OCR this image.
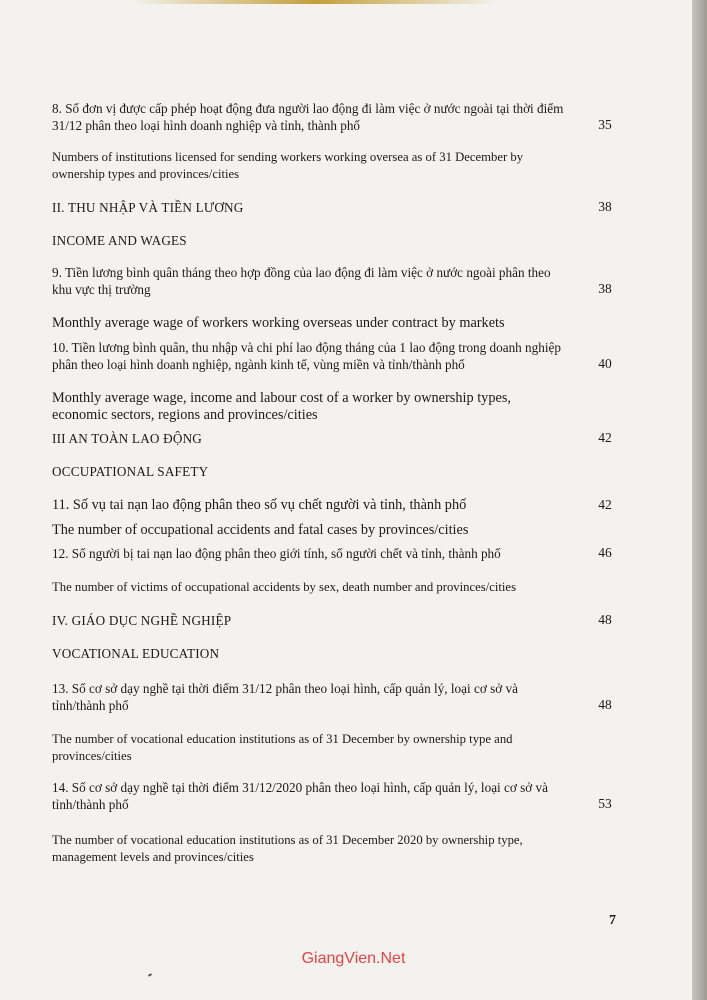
8. Số đơn vị được cấp phép hoạt động đưa người lao động đi làm việc ở nước ngoài tại thời điểm 31/12 phân theo loại hình doanh nghiệp và tỉnh, thành phố	35
Numbers of institutions licensed for sending workers working oversea as of 31 December by ownership types and provinces/cities
II. THU NHẬP VÀ TIỀN LƯƠNG	38
INCOME AND WAGES
9. Tiền lương bình quân tháng theo hợp đồng của lao động đi làm việc ở nước ngoài phân theo khu vực thị trường	38
Monthly average wage of workers working overseas under contract by markets
10. Tiền lương bình quân, thu nhập và chi phí lao động tháng của 1 lao động trong doanh nghiệp phân theo loại hình doanh nghiệp, ngành kinh tế, vùng miền và tỉnh/thành phố	40
Monthly average wage, income and labour cost of a worker by ownership types, economic sectors, regions and provinces/cities
III AN TOÀN LAO ĐỘNG	42
OCCUPATIONAL SAFETY
11. Số vụ tai nạn lao động phân theo số vụ chết người và tỉnh, thành phố	42
The number of occupational accidents and fatal cases by provinces/cities
12. Số người bị tai nạn lao động phân theo giới tính, số người chết và tỉnh, thành phố	46
The number of victims of occupational accidents by sex, death number and provinces/cities
IV. GIÁO DỤC NGHỀ NGHIỆP	48
VOCATIONAL EDUCATION
13. Số cơ sở dạy nghề tại thời điểm 31/12 phân theo loại hình, cấp quản lý, loại cơ sở và tỉnh/thành phố	48
The number of vocational education institutions as of 31 December by ownership type and provinces/cities
14. Số cơ sở dạy nghề tại thời điểm 31/12/2020 phân theo loại hình, cấp quản lý, loại cơ sở và tỉnh/thành phố	53
The number of vocational education institutions as of 31 December 2020 by ownership type, management levels and provinces/cities
7
GiangVien.Net
